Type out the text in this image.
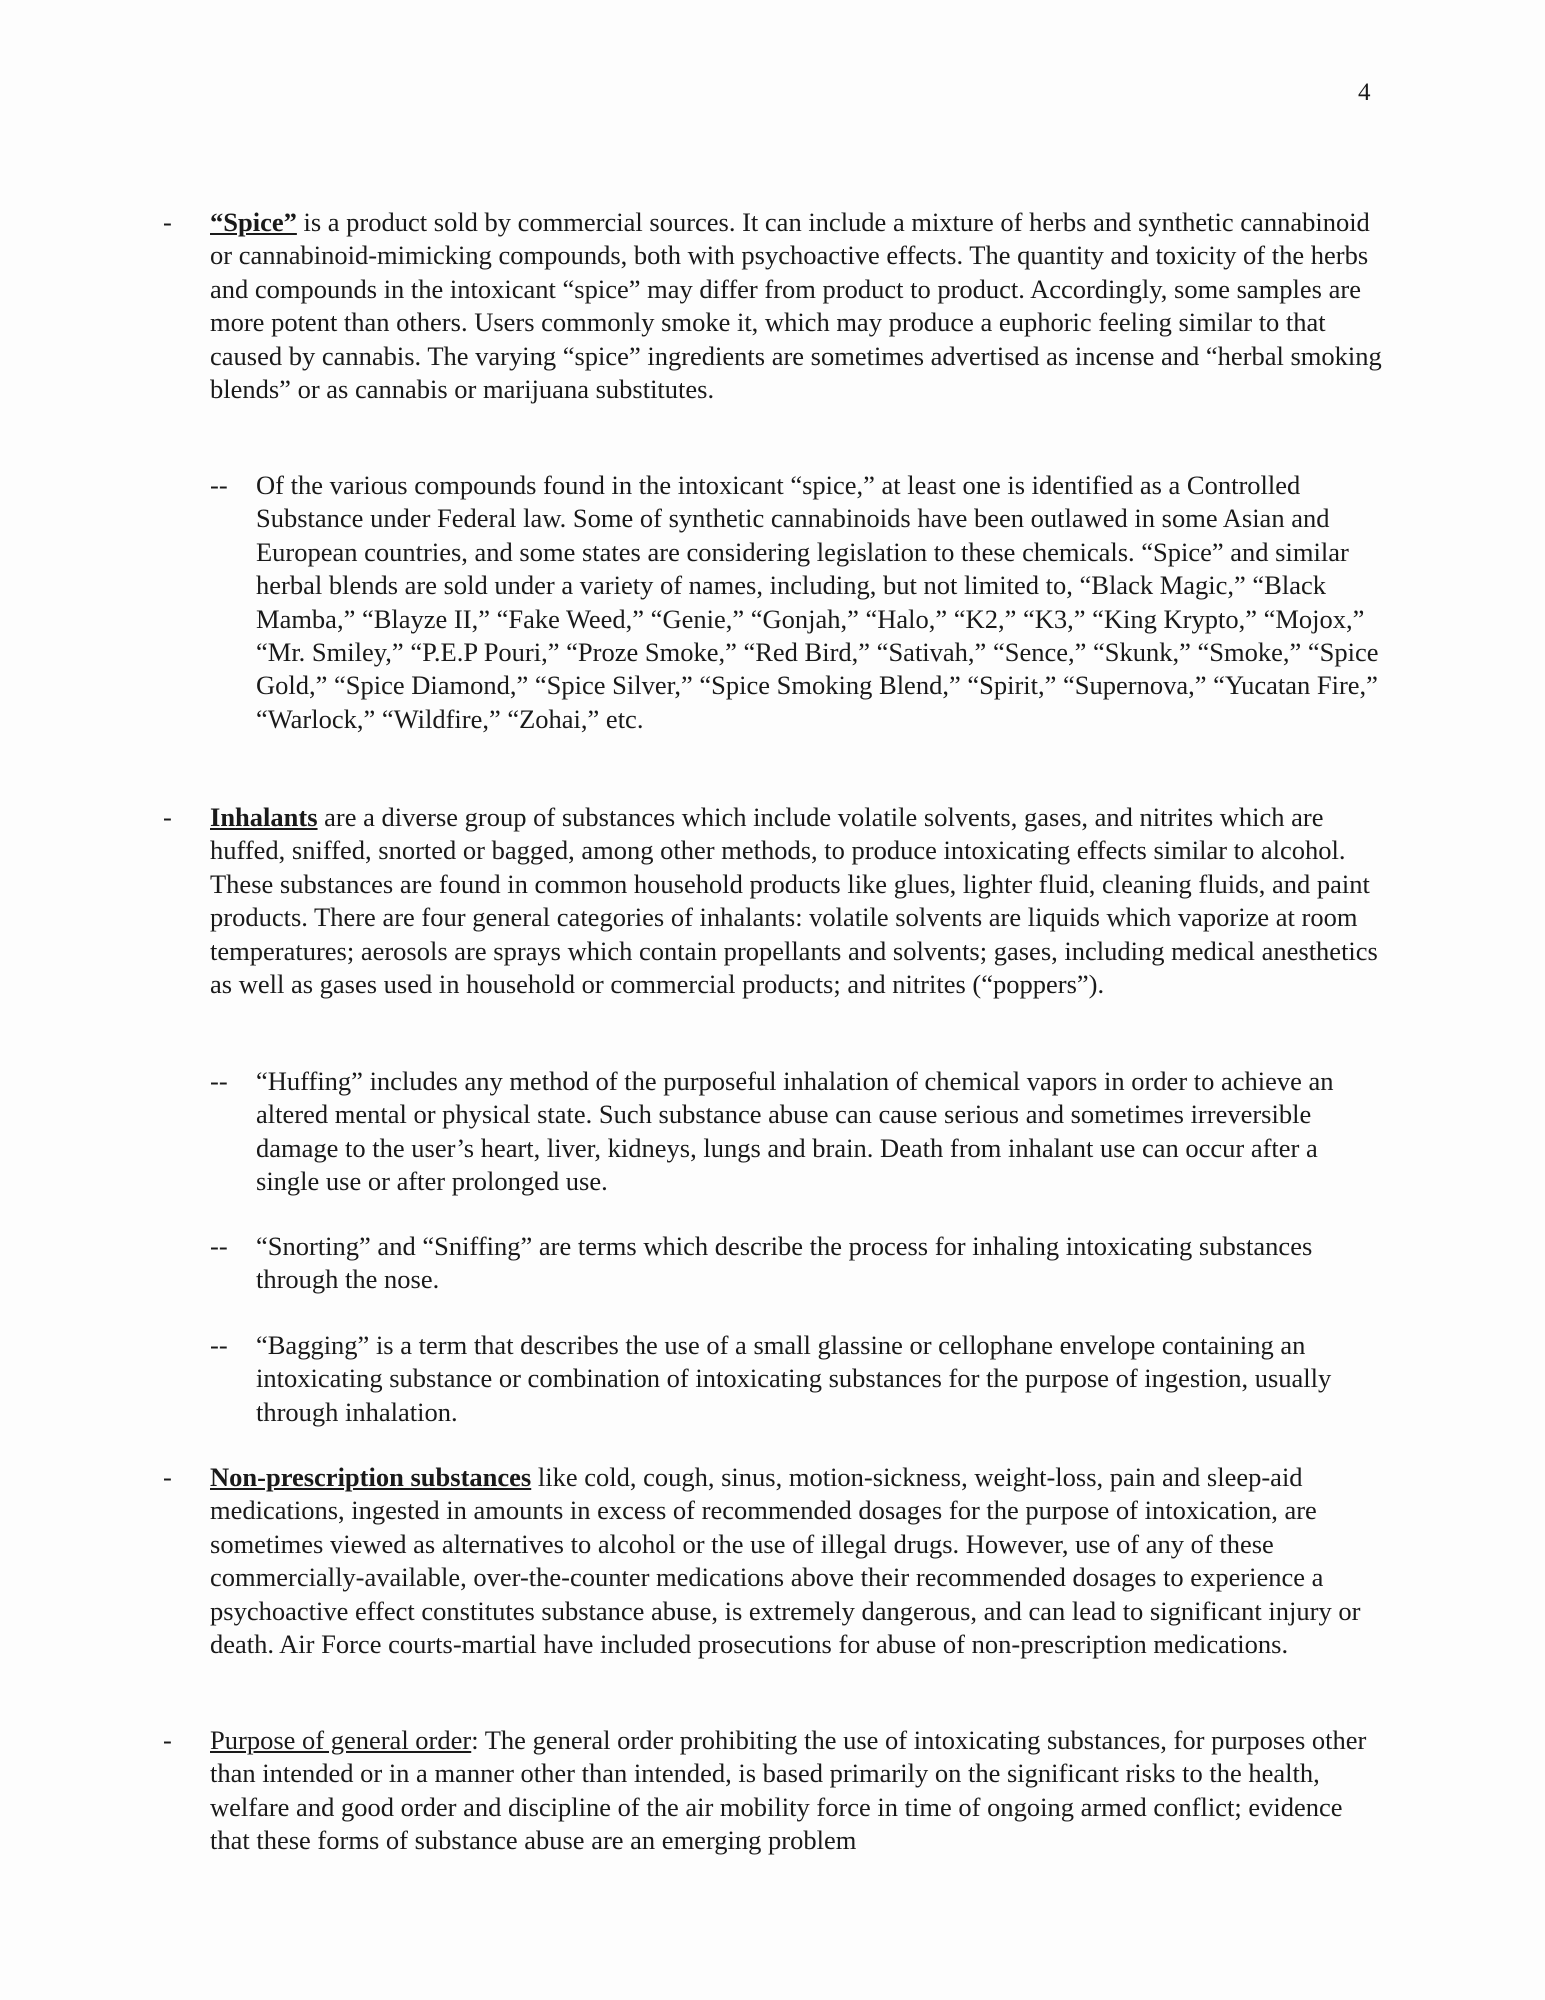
4
- “Spice” is a product sold by commercial sources. It can include a mixture of herbs and synthetic cannabinoid or cannabinoid-mimicking compounds, both with psychoactive effects. The quantity and toxicity of the herbs and compounds in the intoxicant “spice” may differ from product to product. Accordingly, some samples are more potent than others. Users commonly smoke it, which may produce a euphoric feeling similar to that caused by cannabis. The varying “spice” ingredients are sometimes advertised as incense and “herbal smoking blends” or as cannabis or marijuana substitutes.

-- Of the various compounds found in the intoxicant “spice,” at least one is identified as a Controlled Substance under Federal law. Some of synthetic cannabinoids have been outlawed in some Asian and European countries, and some states are considering legislation to these chemicals. “Spice” and similar herbal blends are sold under a variety of names, including, but not limited to, “Black Magic,” “Black Mamba,” “Blayze II,” “Fake Weed,” “Genie,” “Gonjah,” “Halo,” “K2,” “K3,” “King Krypto,” “Mojox,” “Mr. Smiley,” “P.E.P Pouri,” “Proze Smoke,” “Red Bird,” “Sativah,” “Sence,” “Skunk,” “Smoke,” “Spice Gold,” “Spice Diamond,” “Spice Silver,” “Spice Smoking Blend,” “Spirit,” “Supernova,” “Yucatan Fire,” “Warlock,” “Wildfire,” “Zohai,” etc.
- Inhalants are a diverse group of substances which include volatile solvents, gases, and nitrites which are huffed, sniffed, snorted or bagged, among other methods, to produce intoxicating effects similar to alcohol. These substances are found in common household products like glues, lighter fluid, cleaning fluids, and paint products. There are four general categories of inhalants: volatile solvents are liquids which vaporize at room temperatures; aerosols are sprays which contain propellants and solvents; gases, including medical anesthetics as well as gases used in household or commercial products; and nitrites (“poppers”).

-- “Huffing” includes any method of the purposeful inhalation of chemical vapors in order to achieve an altered mental or physical state. Such substance abuse can cause serious and sometimes irreversible damage to the user’s heart, liver, kidneys, lungs and brain. Death from inhalant use can occur after a single use or after prolonged use.
-- “Snorting” and “Sniffing” are terms which describe the process for inhaling intoxicating substances through the nose.
-- “Bagging” is a term that describes the use of a small glassine or cellophane envelope containing an intoxicating substance or combination of intoxicating substances for the purpose of ingestion, usually through inhalation.
- Non-prescription substances like cold, cough, sinus, motion-sickness, weight-loss, pain and sleep-aid medications, ingested in amounts in excess of recommended dosages for the purpose of intoxication, are sometimes viewed as alternatives to alcohol or the use of illegal drugs. However, use of any of these commercially-available, over-the-counter medications above their recommended dosages to experience a psychoactive effect constitutes substance abuse, is extremely dangerous, and can lead to significant injury or death. Air Force courts-martial have included prosecutions for abuse of non-prescription medications.

- Purpose of general order: The general order prohibiting the use of intoxicating substances, for purposes other than intended or in a manner other than intended, is based primarily on the significant risks to the health, welfare and good order and discipline of the air mobility force in time of ongoing armed conflict; evidence that these forms of substance abuse are an emerging problem
